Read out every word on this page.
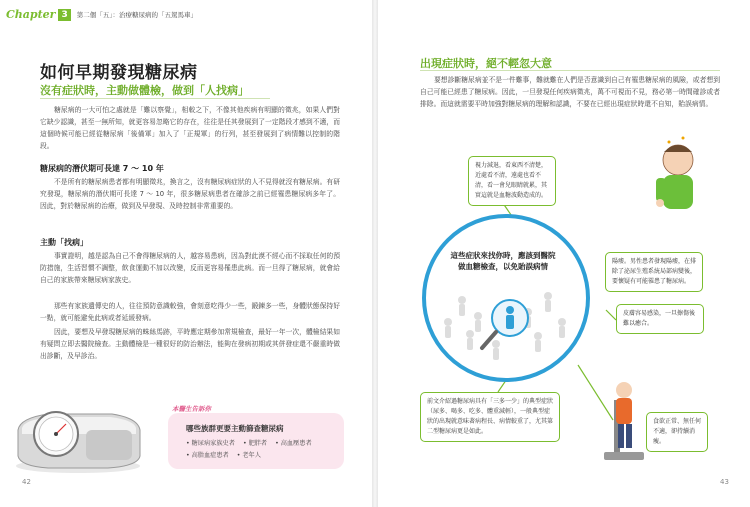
Chapter 3	第二個「五」：治療糖尿病的「五駕馬車」
如何早期發現糖尿病
沒有症狀時，主動做體檢，做到「人找病」
糖尿病的一大可怕之處就是「難以察覺」，相較之下，不像其他疾病有明顯的徵兆，如果人們對它缺少認識，甚至一無所知，就更容易忽略它的存在，往往是任其發展到了一定階段才感到不適，而這個時候可能已經從糖尿病「後備軍」加入了「正規軍」的行列，甚至發展到了病情難以控制的階段。
糖尿病的潛伏期可長達 7 ～ 10 年
不是所有的糖尿病患者都有明顯徵兆，換言之，沒有糖尿病症狀的人不見得就沒有糖尿病。有研究發現，糖尿病的潛伏期可長達 7 ～ 10 年，很多糖尿病患者在確診之前已經罹患糖尿病多年了。因此，對於糖尿病的治療，做到及早發現、及時控制非常重要的。
主動「找病」
事實證明，越是認為自己不會得糖尿病的人，越容易患病，因為對此漠不經心而不採取任何的預防措施，生活習慣不調整，飲食運動不加以改變，反而更容易罹患此病。而一旦得了糖尿病，就會給自己的家族帶來糖尿病家族史。
那些有家族遺傳史的人，往往預防意識較強，會刻意吃得少一些，鍛鍊多一些，身體狀態保持好一點，就可能避免此病或者延緩發病。
因此，要想及早發現糖尿病的蛛絲馬跡，平時應定期參加常規檢查，最好一年一次，體檢結果如有疑問立即去醫院檢查。主動體檢是一種很好的防治辦法，能夠在發病初期或其併發症還不嚴重時做出診斷，及早診治。
本醫生告訴你
哪些族群更要主動篩查糖尿病
• 糖尿病家族史者	• 肥胖者	• 高血壓患者
• 高脂血症患者	• 老年人
42
出現症狀時，絕不輕忽大意
要想診斷糖尿病並不是一件難事，難就難在人們是否意識到自己有罹患糖尿病的風險，或者想到自己可能已經患了糖尿病。因此，一旦發現任何疾病徵兆，萬不可視而不見，務必第一時間確診或者排除。而這就需要平時加強對糖尿病的理解和認識，不要在已經出現症狀時還不自知，貽誤病情。
視力減退，看東西不清楚，近處看不清，遠處也看不清，看一會兒眼睛就累，其實這就是血糖波動造成的。
陽痿。男性患者發現陽痿，在排除了泌尿生殖系統局部病變後，要懷疑有可能罹患了糖尿病。
皮膚容易感染，一旦擦傷後難以癒合。
前文介紹過糖尿病具有「三多一少」的典型症狀（尿多、喝多、吃多、體重減輕），一般典型症狀的出現就意味著病程長、病情較重了，尤其第二型糖尿病更是如此。
食欲正常、無任何不適，卻持續消瘦。
這些症狀來找你時，應該到醫院做血糖檢查，以免貽誤病情
43
